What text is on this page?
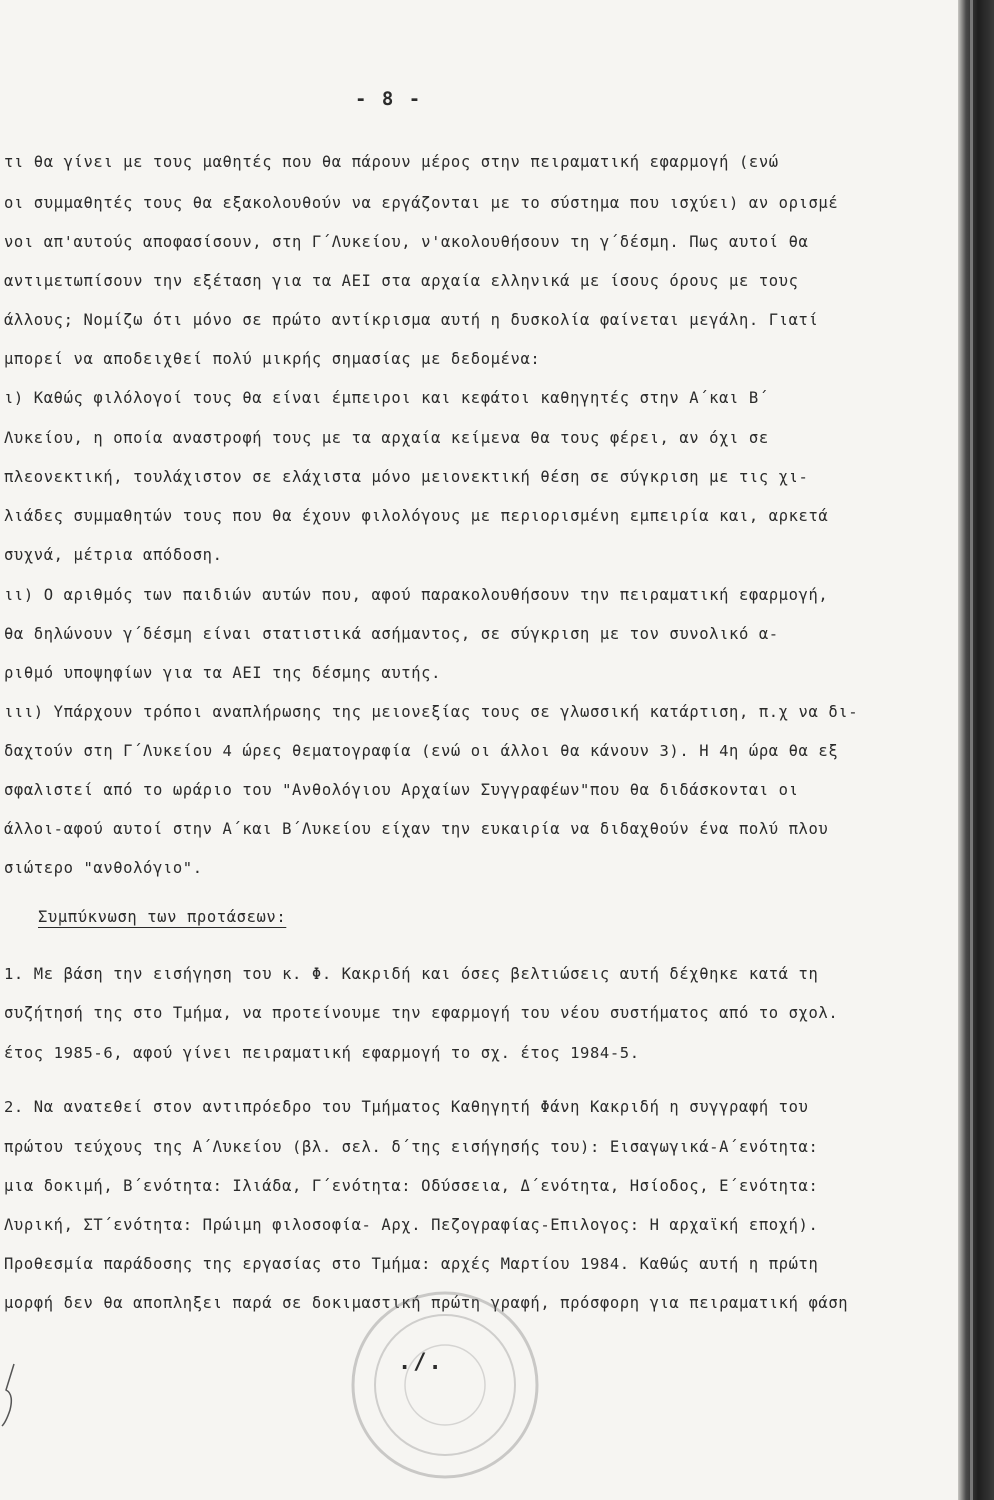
- 8 -
τι θα γίνει με τους μαθητές που θα πάρουν μέρος στην πειραματική εφαρμογή (ενώ
οι συμμαθητές τους θα εξακολουθούν να εργάζονται με το σύστημα που ισχύει) αν ορισμέ
νοι απ'αυτούς αποφασίσουν, στη Γ΄Λυκείου, ν'ακολουθήσουν τη γ΄δέσμη. Πως αυτοί θα
αντιμετωπίσουν την εξέταση για τα ΑΕΙ στα αρχαία ελληνικά με ίσους όρους με τους
άλλους; Νομίζω ότι μόνο σε πρώτο αντίκρισμα αυτή η δυσκολία φαίνεται μεγάλη. Γιατί
μπορεί να αποδειχθεί πολύ μικρής σημασίας με δεδομένα:
ι) Καθώς φιλόλογοί τους θα είναι έμπειροι και κεφάτοι καθηγητές στην Α΄και Β΄
Λυκείου, η οποία αναστροφή τους με τα αρχαία κείμενα θα τους φέρει, αν όχι σε
πλεονεκτική, τουλάχιστον σε ελάχιστα μόνο μειονεκτική θέση σε σύγκριση με τις χι-
λιάδες συμμαθητών τους που θα έχουν φιλολόγους με περιορισμένη εμπειρία και, αρκετά
συχνά, μέτρια απόδοση.
ιι) Ο αριθμός των παιδιών αυτών που, αφού παρακολουθήσουν την πειραματική εφαρμογή,
θα δηλώνουν γ΄δέσμη είναι στατιστικά ασήμαντος, σε σύγκριση με τον συνολικό α-
ριθμό υποψηφίων για τα ΑΕΙ της δέσμης αυτής.
ιιι) Υπάρχουν τρόποι αναπλήρωσης της μειονεξίας τους σε γλωσσική κατάρτιση, π.χ να δι-
δαχτούν στη Γ΄Λυκείου 4 ώρες θεματογραφία (ενώ οι άλλοι θα κάνουν 3). Η 4η ώρα θα εξ
σφαλιστεί από το ωράριο του "Ανθολόγιου Αρχαίων Συγγραφέων"που θα διδάσκονται οι
άλλοι-αφού αυτοί στην Α΄και Β΄Λυκείου είχαν την ευκαιρία να διδαχθούν ένα πολύ πλου
σιώτερο "ανθολόγιο".
Συμπύκνωση των προτάσεων:
1. Με βάση την εισήγηση του κ. Φ. Κακριδή και όσες βελτιώσεις αυτή δέχθηκε κατά τη
συζήτησή της στο Τμήμα, να προτείνουμε την εφαρμογή του νέου συστήματος από το σχολ.
έτος 1985-6, αφού γίνει πειραματική εφαρμογή το σχ. έτος 1984-5.
2. Να ανατεθεί στον αντιπρόεδρο του Τμήματος Καθηγητή Φάνη Κακριδή η συγγραφή του
πρώτου τεύχους της Α΄Λυκείου (βλ. σελ. δ΄της εισήγησής του): Εισαγωγικά-Α΄ενότητα:
μια δοκιμή, Β΄ενότητα: Ιλιάδα, Γ΄ενότητα: Οδύσσεια, Δ΄ενότητα, Ησίοδος, Ε΄ενότητα:
Λυρική, ΣΤ΄ενότητα: Πρώιμη φιλοσοφία- Αρχ. Πεζογραφίας-Επιλογος: Η αρχαϊκή εποχή).
Προθεσμία παράδοσης της εργασίας στο Τμήμα: αρχές Μαρτίου 1984. Καθώς αυτή η πρώτη
μορφή δεν θα αποπληξει παρά σε δοκιμαστική πρώτη γραφή, πρόσφορη για πειραματική φάση
./.
